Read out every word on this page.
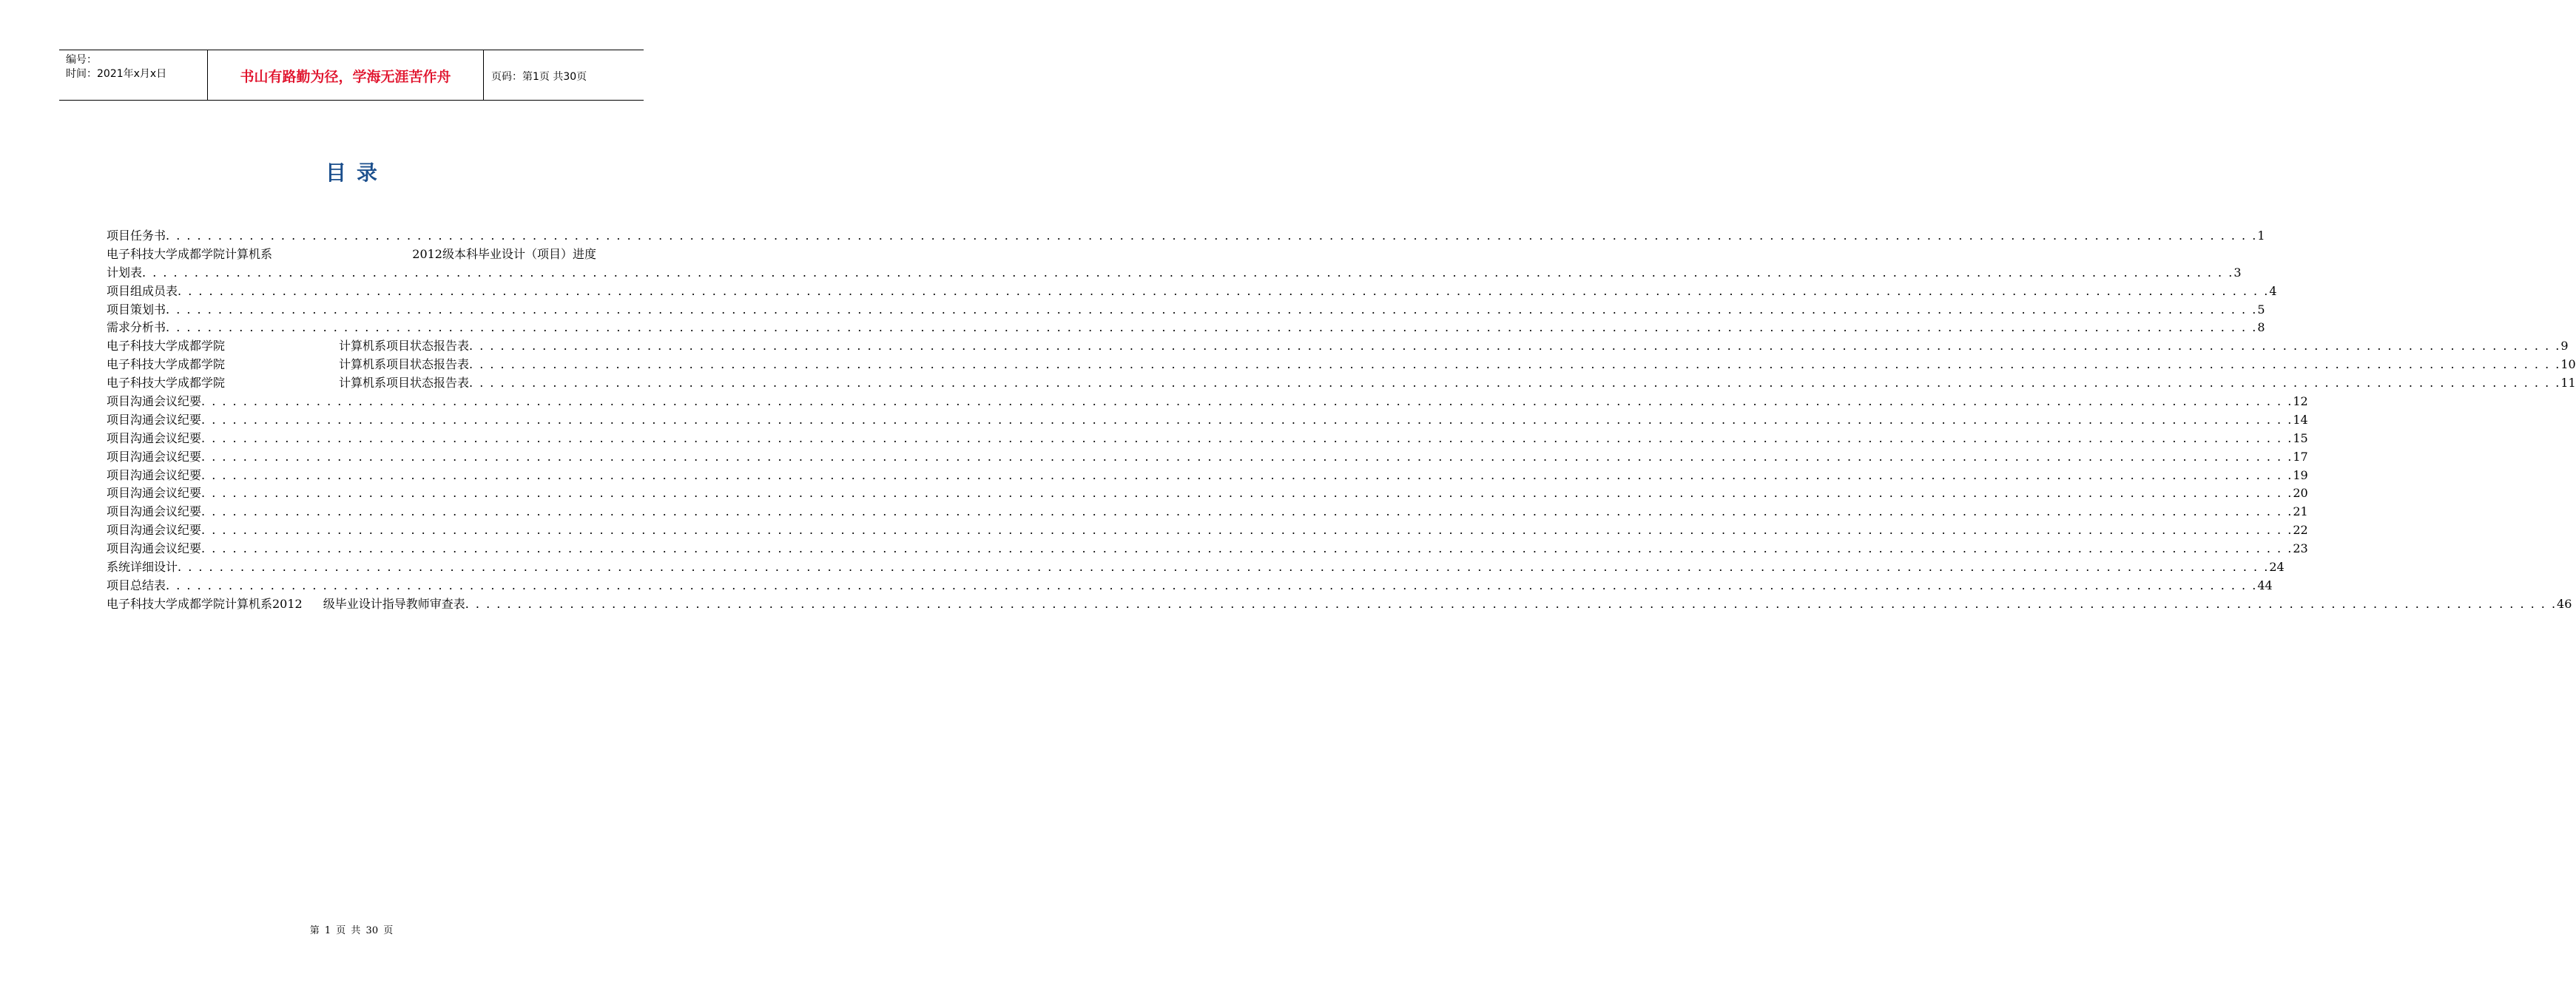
编号：
时间：2021年x月x日	书山有路勤为径，学海无涯苦作舟	页码：第1页 共30页
目录
项目任务书 . . . . . . . . . . . . . . . . . . . . . . . . . . . . . . . . . . . . . . . . . . . . . . . . . . . . . . . . . . . . . . . . . . . . . . . . . . . . . . . . . . . . . . . . . . . . . . . . . . . . . . . . . . . . . . . . . . . . . . . . . . . . . . . . . . . . . . . . . . . . . . . . . . . . . . . . . . . . . . . . . . . . . . . . . . . . . . . . . . . . . . . . . . . . . . . . . . . . . . . . 1
电子科技大学成都学院计算机系	2012级本科毕业设计（项目）进度
计划表 . . . . . . . . . . . . . . . . . . . . . . . . . . . . . . . . . . . . . . . . . . . . . . . . . . . . . . . . . . . . . . . . . . . . . . . . . . . . . . . . . . . . . . . . . . . . . . . . . . . . . . . . . . . . . . . . . . . . . . . . . . . . . . . . . . . . . . . . . . . . . . . . . . . . . . . . . . . . . . . . . . . . . . . . . . . . . . . . . . . . . . . . . . . . . . . . . . . . . . . . 3
项目组成员表 . . . . . . . . . . . . . . . . . . . . . . . . . . . . . . . . . . . . . . . . . . . . . . . . . . . . . . . . . . . . . . . . . . . . . . . . . . . . . . . . . . . . . . . . . . . . . . . . . . . . . . . . . . . . . . . . . . . . . . . . . . . . . . . . . . . . . . . . . . . . . . . . . . . . . . . . . . . . . . . . . . . . . . . . . . . . . . . . . . . . . . . . . . . . . . . . . . . . . . . . 4
项目策划书 . . . . . . . . . . . . . . . . . . . . . . . . . . . . . . . . . . . . . . . . . . . . . . . . . . . . . . . . . . . . . . . . . . . . . . . . . . . . . . . . . . . . . . . . . . . . . . . . . . . . . . . . . . . . . . . . . . . . . . . . . . . . . . . . . . . . . . . . . . . . . . . . . . . . . . . . . . . . . . . . . . . . . . . . . . . . . . . . . . . . . . . . . . . . . . . . . . . . . . . . 5
需求分析书 . . . . . . . . . . . . . . . . . . . . . . . . . . . . . . . . . . . . . . . . . . . . . . . . . . . . . . . . . . . . . . . . . . . . . . . . . . . . . . . . . . . . . . . . . . . . . . . . . . . . . . . . . . . . . . . . . . . . . . . . . . . . . . . . . . . . . . . . . . . . . . . . . . . . . . . . . . . . . . . . . . . . . . . . . . . . . . . . . . . . . . . . . . . . . . . . . . . . . . . . 8
电子科技大学成都学院	计算机系项目状态报告表 . . . . . . . . . . . . . . . . . . . . . . . . . . . . . . . . . . . . . . . . . . . . . . . . . . . . . . . . . . . . . . . . . . . . . . . . . . . . . . . . . . . . . . . . . . . . . . . . . . . . . . . . . . . . . . . . . . . . . . . . . . . . . . . . . . . . . . . . . . . . . . . . . . . . . . . . . . . . . . . . . . . . . . . . . . . . . . . . . . . . . . . . . . . . . . . . . . . . . . . . 9
电子科技大学成都学院	计算机系项目状态报告表 . . . . . . . . . . . . . . . . . . . . . . . . . . . . . . . . . . . . . . . . . . . . . . . . . . . . . . . . . . . . . . . . . . . . . . . . . . . . . . . . . . . . . . . . . . . . . . . . . . . . . . . . . . . . . . . . . . . . . . . . . . . . . . . . . . . . . . . . . . . . . . . . . . . . . . . . . . . . . . . . . . . . . . . . . . . . . . . . . . . . . . . . . . . . . . . . . . . . . . . . 10
电子科技大学成都学院	计算机系项目状态报告表 . . . . . . . . . . . . . . . . . . . . . . . . . . . . . . . . . . . . . . . . . . . . . . . . . . . . . . . . . . . . . . . . . . . . . . . . . . . . . . . . . . . . . . . . . . . . . . . . . . . . . . . . . . . . . . . . . . . . . . . . . . . . . . . . . . . . . . . . . . . . . . . . . . . . . . . . . . . . . . . . . . . . . . . . . . . . . . . . . . . . . . . . . . . . . . . . . . . . . . . . 11
项目沟通会议纪要 . . . . . . . . . . . . . . . . . . . . . . . . . . . . . . . . . . . . . . . . . . . . . . . . . . . . . . . . . . . . . . . . . . . . . . . . . . . . . . . . . . . . . . . . . . . . . . . . . . . . . . . . . . . . . . . . . . . . . . . . . . . . . . . . . . . . . . . . . . . . . . . . . . . . . . . . . . . . . . . . . . . . . . . . . . . . . . . . . . . . . . . . . . . . . . . . . . . . . . . . 12
项目沟通会议纪要 . . . . . . . . . . . . . . . . . . . . . . . . . . . . . . . . . . . . . . . . . . . . . . . . . . . . . . . . . . . . . . . . . . . . . . . . . . . . . . . . . . . . . . . . . . . . . . . . . . . . . . . . . . . . . . . . . . . . . . . . . . . . . . . . . . . . . . . . . . . . . . . . . . . . . . . . . . . . . . . . . . . . . . . . . . . . . . . . . . . . . . . . . . . . . . . . . . . . . . . . 14
项目沟通会议纪要 . . . . . . . . . . . . . . . . . . . . . . . . . . . . . . . . . . . . . . . . . . . . . . . . . . . . . . . . . . . . . . . . . . . . . . . . . . . . . . . . . . . . . . . . . . . . . . . . . . . . . . . . . . . . . . . . . . . . . . . . . . . . . . . . . . . . . . . . . . . . . . . . . . . . . . . . . . . . . . . . . . . . . . . . . . . . . . . . . . . . . . . . . . . . . . . . . . . . . . . . 15
项目沟通会议纪要 . . . . . . . . . . . . . . . . . . . . . . . . . . . . . . . . . . . . . . . . . . . . . . . . . . . . . . . . . . . . . . . . . . . . . . . . . . . . . . . . . . . . . . . . . . . . . . . . . . . . . . . . . . . . . . . . . . . . . . . . . . . . . . . . . . . . . . . . . . . . . . . . . . . . . . . . . . . . . . . . . . . . . . . . . . . . . . . . . . . . . . . . . . . . . . . . . . . . . . . . 17
项目沟通会议纪要 . . . . . . . . . . . . . . . . . . . . . . . . . . . . . . . . . . . . . . . . . . . . . . . . . . . . . . . . . . . . . . . . . . . . . . . . . . . . . . . . . . . . . . . . . . . . . . . . . . . . . . . . . . . . . . . . . . . . . . . . . . . . . . . . . . . . . . . . . . . . . . . . . . . . . . . . . . . . . . . . . . . . . . . . . . . . . . . . . . . . . . . . . . . . . . . . . . . . . . . . 19
项目沟通会议纪要 . . . . . . . . . . . . . . . . . . . . . . . . . . . . . . . . . . . . . . . . . . . . . . . . . . . . . . . . . . . . . . . . . . . . . . . . . . . . . . . . . . . . . . . . . . . . . . . . . . . . . . . . . . . . . . . . . . . . . . . . . . . . . . . . . . . . . . . . . . . . . . . . . . . . . . . . . . . . . . . . . . . . . . . . . . . . . . . . . . . . . . . . . . . . . . . . . . . . . . . . 20
项目沟通会议纪要 . . . . . . . . . . . . . . . . . . . . . . . . . . . . . . . . . . . . . . . . . . . . . . . . . . . . . . . . . . . . . . . . . . . . . . . . . . . . . . . . . . . . . . . . . . . . . . . . . . . . . . . . . . . . . . . . . . . . . . . . . . . . . . . . . . . . . . . . . . . . . . . . . . . . . . . . . . . . . . . . . . . . . . . . . . . . . . . . . . . . . . . . . . . . . . . . . . . . . . . . 21
项目沟通会议纪要 . . . . . . . . . . . . . . . . . . . . . . . . . . . . . . . . . . . . . . . . . . . . . . . . . . . . . . . . . . . . . . . . . . . . . . . . . . . . . . . . . . . . . . . . . . . . . . . . . . . . . . . . . . . . . . . . . . . . . . . . . . . . . . . . . . . . . . . . . . . . . . . . . . . . . . . . . . . . . . . . . . . . . . . . . . . . . . . . . . . . . . . . . . . . . . . . . . . . . . . . 22
项目沟通会议纪要 . . . . . . . . . . . . . . . . . . . . . . . . . . . . . . . . . . . . . . . . . . . . . . . . . . . . . . . . . . . . . . . . . . . . . . . . . . . . . . . . . . . . . . . . . . . . . . . . . . . . . . . . . . . . . . . . . . . . . . . . . . . . . . . . . . . . . . . . . . . . . . . . . . . . . . . . . . . . . . . . . . . . . . . . . . . . . . . . . . . . . . . . . . . . . . . . . . . . . . . . 23
系统详细设计 . . . . . . . . . . . . . . . . . . . . . . . . . . . . . . . . . . . . . . . . . . . . . . . . . . . . . . . . . . . . . . . . . . . . . . . . . . . . . . . . . . . . . . . . . . . . . . . . . . . . . . . . . . . . . . . . . . . . . . . . . . . . . . . . . . . . . . . . . . . . . . . . . . . . . . . . . . . . . . . . . . . . . . . . . . . . . . . . . . . . . . . . . . . . . . . . . . . . . . . . 24
项目总结表 . . . . . . . . . . . . . . . . . . . . . . . . . . . . . . . . . . . . . . . . . . . . . . . . . . . . . . . . . . . . . . . . . . . . . . . . . . . . . . . . . . . . . . . . . . . . . . . . . . . . . . . . . . . . . . . . . . . . . . . . . . . . . . . . . . . . . . . . . . . . . . . . . . . . . . . . . . . . . . . . . . . . . . . . . . . . . . . . . . . . . . . . . . . . . . . . . . . . . . . . 44
电子科技大学成都学院计算机系2012 级毕业设计指导教师审查表 . . . . . . . . . . . . . . . . . . . . . . . . . . . . . . . . . . . . . . . . . . . . . . . . . . . . . . . . . . . . . . . . . . . . . . . . . . . . . . . . . . . . . . . . . . . . . . . . . . . . . . . . . . . . . . . . . . . . . . . . . . . . . . . . . . . . . . . . . . . . . . . . . . . . . . . . . . . . . . . . . . . . . . . . . . . . . . . . . . . . . . . . . . . . . . . . . . . . . . . . 46
第 1 页 共 30 页
